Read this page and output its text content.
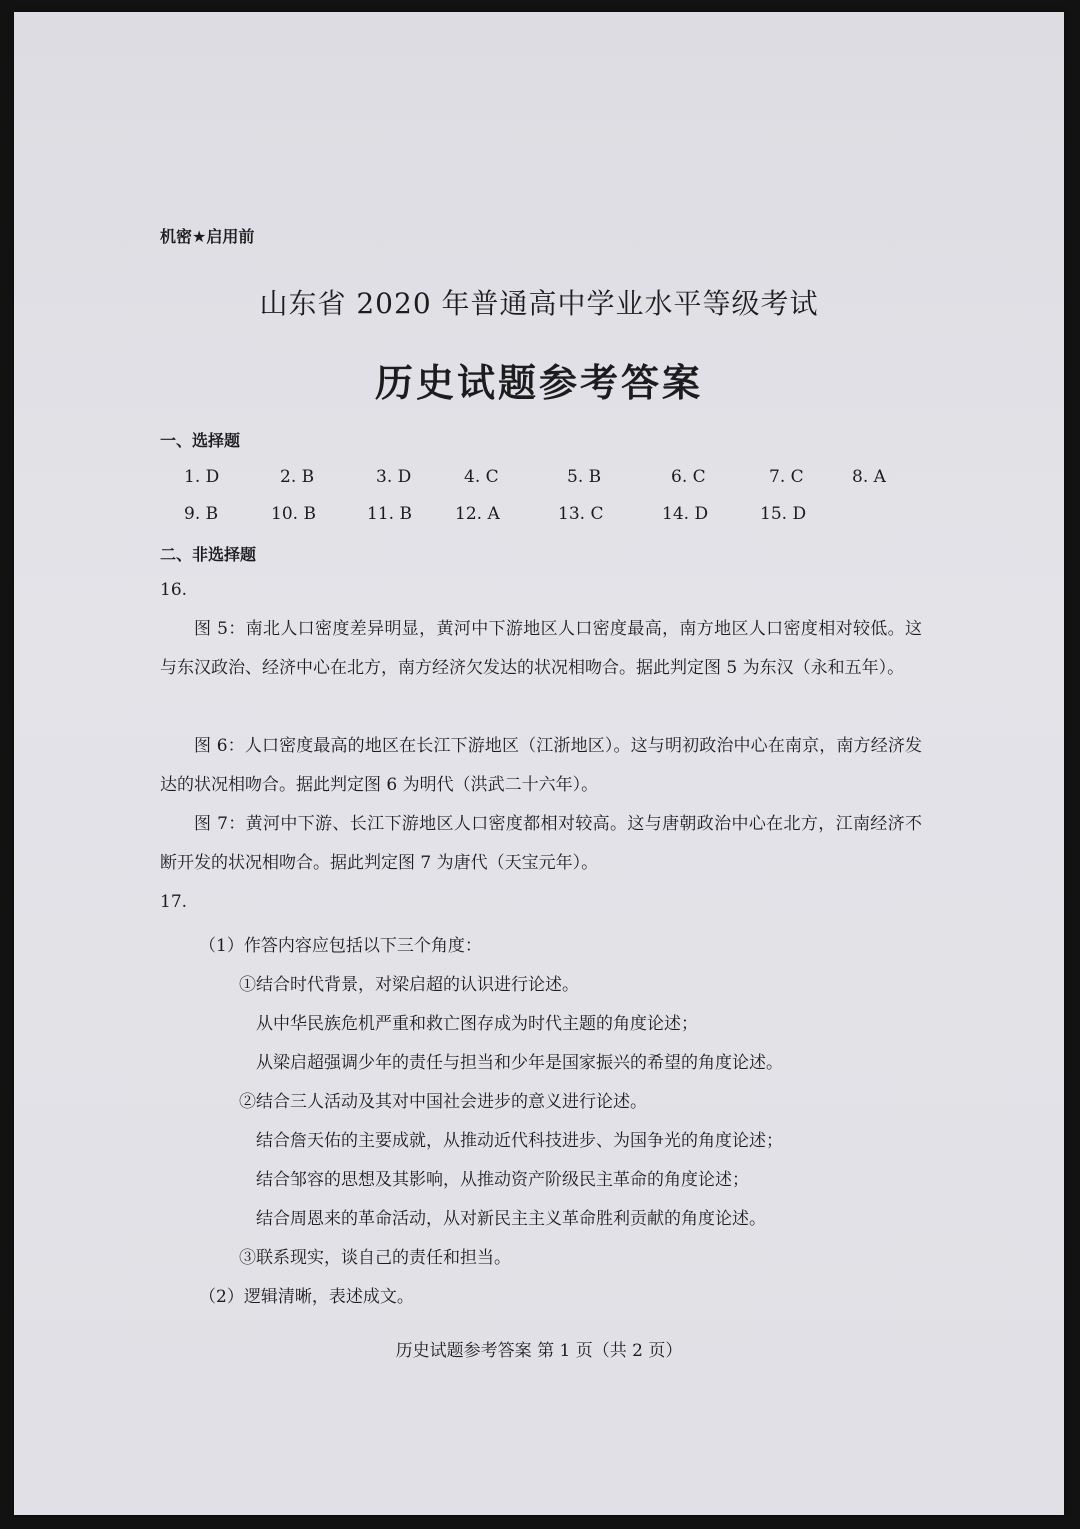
机密★启用前
山东省 2020 年普通高中学业水平等级考试
历史试题参考答案
一、选择题
1. D	2. B	3. D	4. C	5. B	6. C	7. C	8. A
9. B	10. B	11. B	12. A	13. C	14. D	15. D
二、非选择题
16.
图 5：南北人口密度差异明显，黄河中下游地区人口密度最高，南方地区人口密度相对较低。这与东汉政治、经济中心在北方，南方经济欠发达的状况相吻合。据此判定图 5 为东汉（永和五年）。
图 6：人口密度最高的地区在长江下游地区（江浙地区）。这与明初政治中心在南京，南方经济发达的状况相吻合。据此判定图 6 为明代（洪武二十六年）。
图 7：黄河中下游、长江下游地区人口密度都相对较高。这与唐朝政治中心在北方，江南经济不断开发的状况相吻合。据此判定图 7 为唐代（天宝元年）。
17.
（1）作答内容应包括以下三个角度：
①结合时代背景，对梁启超的认识进行论述。
从中华民族危机严重和救亡图存成为时代主题的角度论述；
从梁启超强调少年的责任与担当和少年是国家振兴的希望的角度论述。
②结合三人活动及其对中国社会进步的意义进行论述。
结合詹天佑的主要成就，从推动近代科技进步、为国争光的角度论述；
结合邹容的思想及其影响，从推动资产阶级民主革命的角度论述；
结合周恩来的革命活动，从对新民主主义革命胜利贡献的角度论述。
③联系现实，谈自己的责任和担当。
（2）逻辑清晰，表述成文。
历史试题参考答案 第 1 页（共 2 页）
